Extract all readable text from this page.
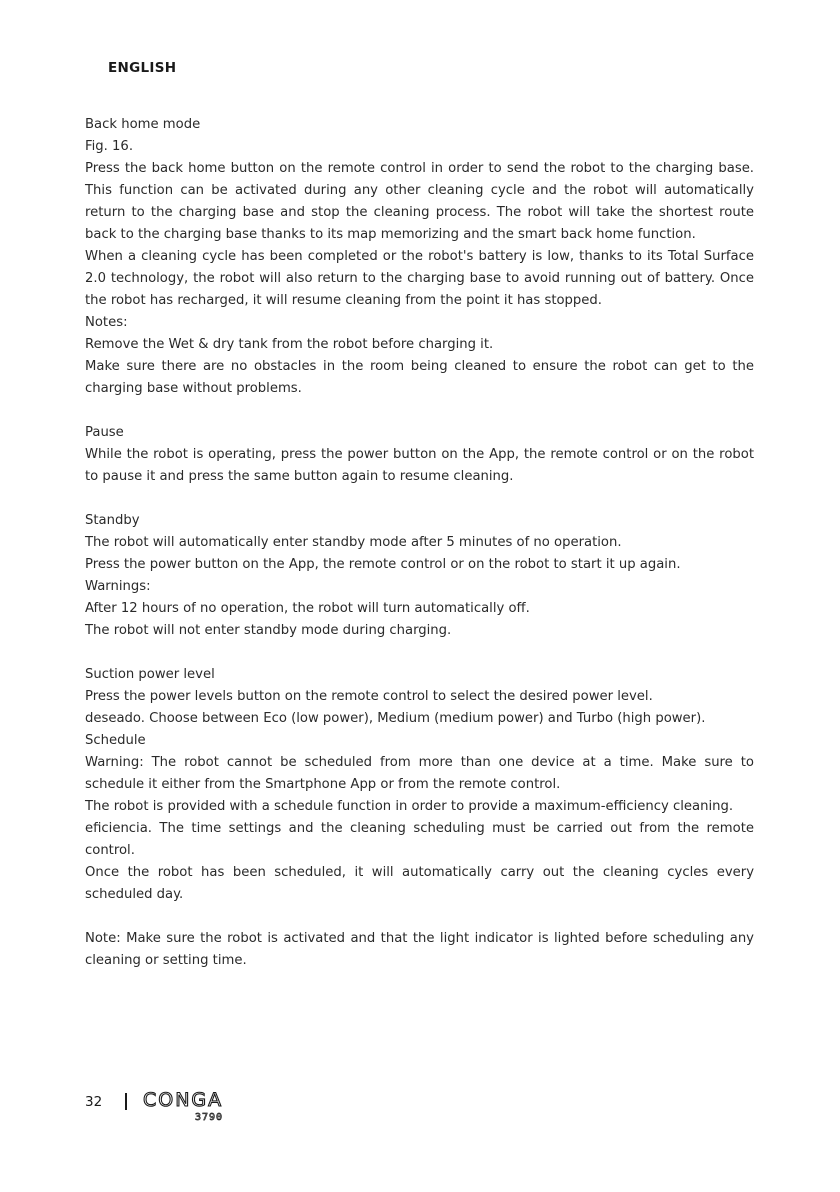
ENGLISH

Back home mode

Fig. 16.

Press the back home button on the remote control in order to send the robot to the charging base. This function can be activated during any other cleaning cycle and the robot will automatically return to the charging base and stop the cleaning process. The robot will take the shortest route back to the charging base thanks to its map memorizing and the smart back home function.

When a cleaning cycle has been completed or the robot's battery is low, thanks to its Total Surface 2.0 technology, the robot will also return to the charging base to avoid running out of battery. Once the robot has recharged, it will resume cleaning from the point it has stopped.

Notes:

Remove the Wet & dry tank from the robot before charging it.

Make sure there are no obstacles in the room being cleaned to ensure the robot can get to the charging base without problems.

Pause

While the robot is operating, press the power button on the App, the remote control or on the robot to pause it and press the same button again to resume cleaning.

Standby

The robot will automatically enter standby mode after 5 minutes of no operation.

Press the power button on the App, the remote control or on the robot to start it up again.

Warnings:

After 12 hours of no operation, the robot will turn automatically off.

The robot will not enter standby mode during charging.

Suction power level

Press the power levels button on the remote control to select the desired power level.

deseado. Choose between Eco (low power), Medium (medium power) and Turbo (high power).

Schedule

Warning: The robot cannot be scheduled from more than one device at a time. Make sure to schedule it either from the Smartphone App or from the remote control.

The robot is provided with a schedule function in order to provide a maximum-efficiency cleaning.

eficiencia. The time settings and the cleaning scheduling must be carried out from the remote control.

Once the robot has been scheduled, it will automatically carry out the cleaning cycles every scheduled day.

Note: Make sure the robot is activated and that the light indicator is lighted before scheduling any cleaning or setting time.

32 CONGA
3790
